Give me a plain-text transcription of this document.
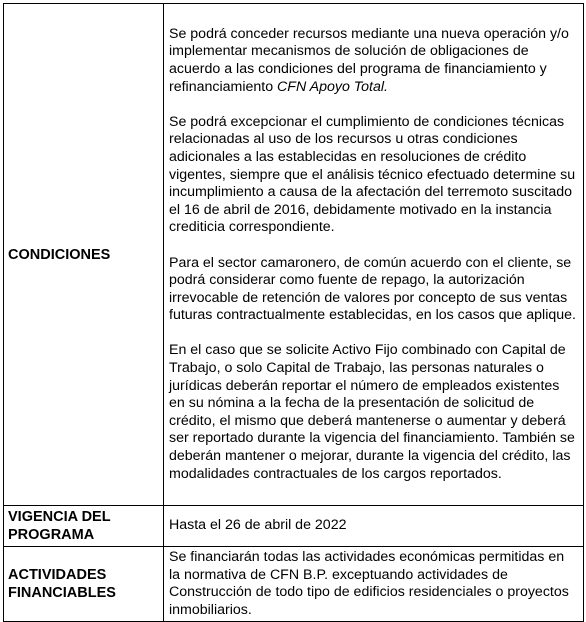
CONDICIONES	Se podrá conceder recursos mediante una nueva operación y/o implementar mecanismos de solución de obligaciones de acuerdo a las condiciones del programa de financiamiento y refinanciamiento CFN Apoyo Total.

Se podrá excepcionar el cumplimiento de condiciones técnicas relacionadas al uso de los recursos u otras condiciones adicionales a las establecidas en resoluciones de crédito vigentes, siempre que el análisis técnico efectuado determine su incumplimiento a causa de la afectación del terremoto suscitado el 16 de abril de 2016, debidamente motivado en la instancia crediticia correspondiente.

Para el sector camaronero, de común acuerdo con el cliente, se podrá considerar como fuente de repago, la autorización irrevocable de retención de valores por concepto de sus ventas futuras contractualmente establecidas, en los casos que aplique.

En el caso que se solicite Activo Fijo combinado con Capital de Trabajo, o solo Capital de Trabajo, las personas naturales o jurídicas deberán reportar el número de empleados existentes en su nómina a la fecha de la presentación de solicitud de crédito, el mismo que deberá mantenerse o aumentar y deberá ser reportado durante la vigencia del financiamiento. También se deberán mantener o mejorar, durante la vigencia del crédito, las modalidades contractuales de los cargos reportados.

VIGENCIA DEL PROGRAMA	Hasta el 26 de abril de 2022
ACTIVIDADES FINANCIABLES	Se financiarán todas las actividades económicas permitidas en la normativa de CFN B.P. exceptuando actividades de Construcción de todo tipo de edificios residenciales o proyectos inmobiliarios.
